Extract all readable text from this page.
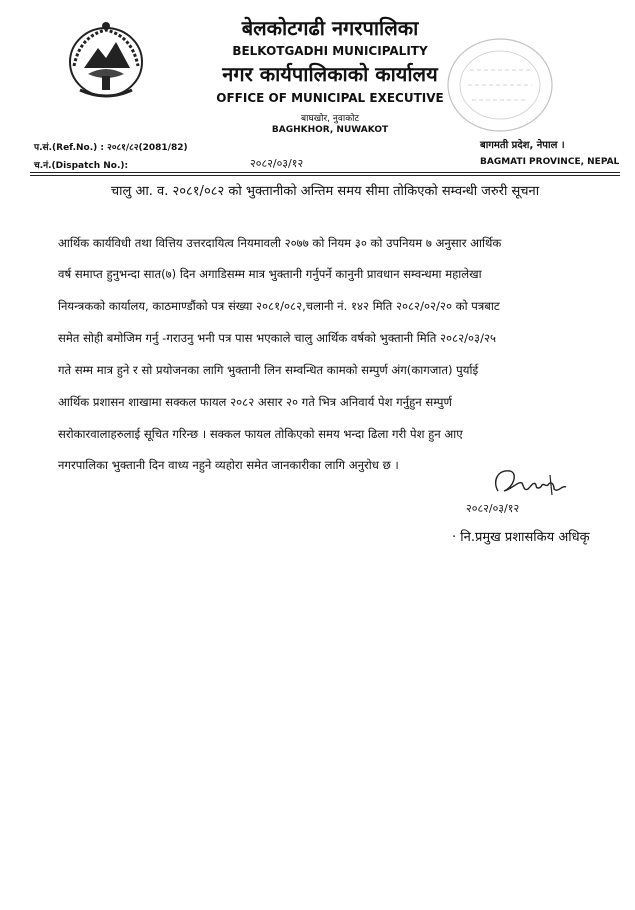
बेलकोटगढी नगरपालिका
BELKOTGADHI MUNICIPALITY
नगर कार्यपालिकाको कार्यालय
OFFICE OF MUNICIPAL EXECUTIVE
बाघखोर, नुवाकोट
BAGHKHOR, NUWAKOT
प.सं.(Ref.No.) : २०८१/८२(2081/82)
च.नं.(Dispatch No.):	२०८२/०३/१२
बागमती प्रदेश, नेपाल ।
BAGMATI PROVINCE, NEPAL
चालु आ. व. २०८१/०८२ को भुक्तानीको अन्तिम समय सीमा तोकिएको सम्वन्धी जरुरी सूचना
आर्थिक कार्यविधी तथा वित्तिय उत्तरदायित्व नियमावली २०७७ को नियम ३० को उपनियम ७ अनुसार आर्थिक
वर्ष समाप्त हुनुभन्दा सात(७) दिन अगाडिसम्म मात्र भुक्तानी गर्नुपर्ने कानुनी प्रावधान सम्वन्धमा महालेखा
नियन्त्रकको कार्यालय, काठमाण्डौंको पत्र संख्या २०८१/०८२,चलानी नं. १४२ मिति २०८२/०२/२० को पत्रबाट
समेत सोही बमोजिम गर्नु -गराउनु भनी पत्र पास भएकाले चालु आर्थिक वर्षको भुक्तानी मिति २०८२/०३/२५
गते सम्म मात्र हुने र सो प्रयोजनका लागि भुक्तानी लिन सम्वन्धित कामको सम्पुर्ण अंग(कागजात) पुर्याई
आर्थिक प्रशासन शाखामा सक्कल फायल २०८२ असार २० गते भित्र अनिवार्य पेश गर्नुहुन सम्पुर्ण
सरोकारवालाहरुलाई सूचित गरिन्छ । सक्कल फायल तोकिएको समय भन्दा ढिला गरी पेश हुन आए
नगरपालिका भुक्तानी दिन वाध्य नहुने व्यहोरा समेत जानकारीका लागि अनुरोध छ ।
२०८२/०३/१२
· नि.प्रमुख प्रशासकिय अधिकृ
